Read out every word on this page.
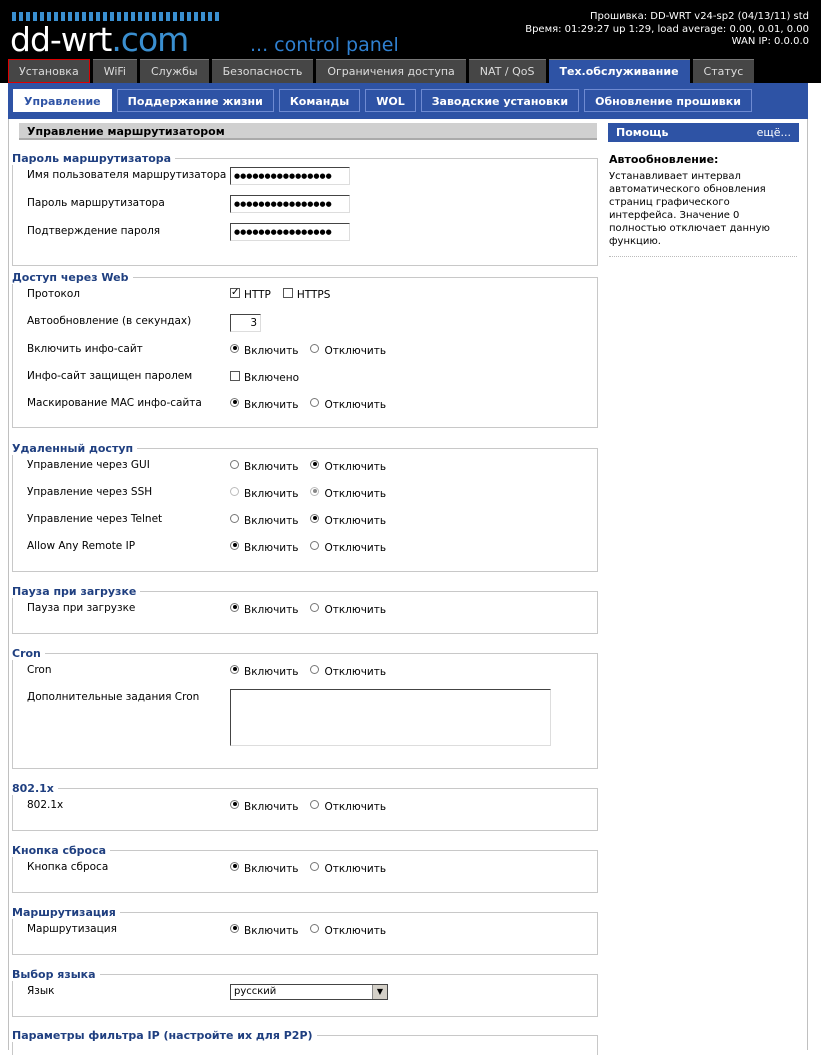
dd-wrt.com	... control panel
Прошивка: DD-WRT v24-sp2 (04/13/11) std
Время: 01:29:27 up 1:29, load average: 0.00, 0.01, 0.00
WAN IP: 0.0.0.0
Установка	WiFi	Службы	Безопасность	Ограничения доступа	NAT / QoS	Тех.обслуживание	Статус
Управление	Поддержание жизни	Команды	WOL	Заводские установки	Обновление прошивки
Управление маршрутизатором	Помощь	ещё...
Автообновление:
Устанавливает интервал автоматического обновления страниц графического интерфейса. Значение 0 полностью отключает данную функцию.
Пароль маршрутизатора
Имя пользователя маршрутизатора	●●●●●●●●●●●●●●●●
Пароль маршрутизатора	●●●●●●●●●●●●●●●●
Подтверждение пароля	●●●●●●●●●●●●●●●●
Доступ через Web
Протокол	✓ HTTP HTTPS
Автообновление (в секундах)	3
Включить инфо-сайт	Включить Отключить
Инфо-сайт защищен паролем	Включено
Маскирование MAC инфо-сайта	Включить Отключить
Удаленный доступ
Управление через GUI	Включить Отключить
Управление через SSH	Включить Отключить
Управление через Telnet	Включить Отключить
Allow Any Remote IP	Включить Отключить
Пауза при загрузке
Пауза при загрузке	Включить Отключить
Cron
Cron	Включить Отключить
Дополнительные задания Cron
802.1x
802.1x	Включить Отключить
Кнопка сброса
Кнопка сброса	Включить Отключить
Маршрутизация
Маршрутизация	Включить Отключить
Выбор языка
Язык	русский	▼
Параметры фильтра IP (настройте их для P2P)
